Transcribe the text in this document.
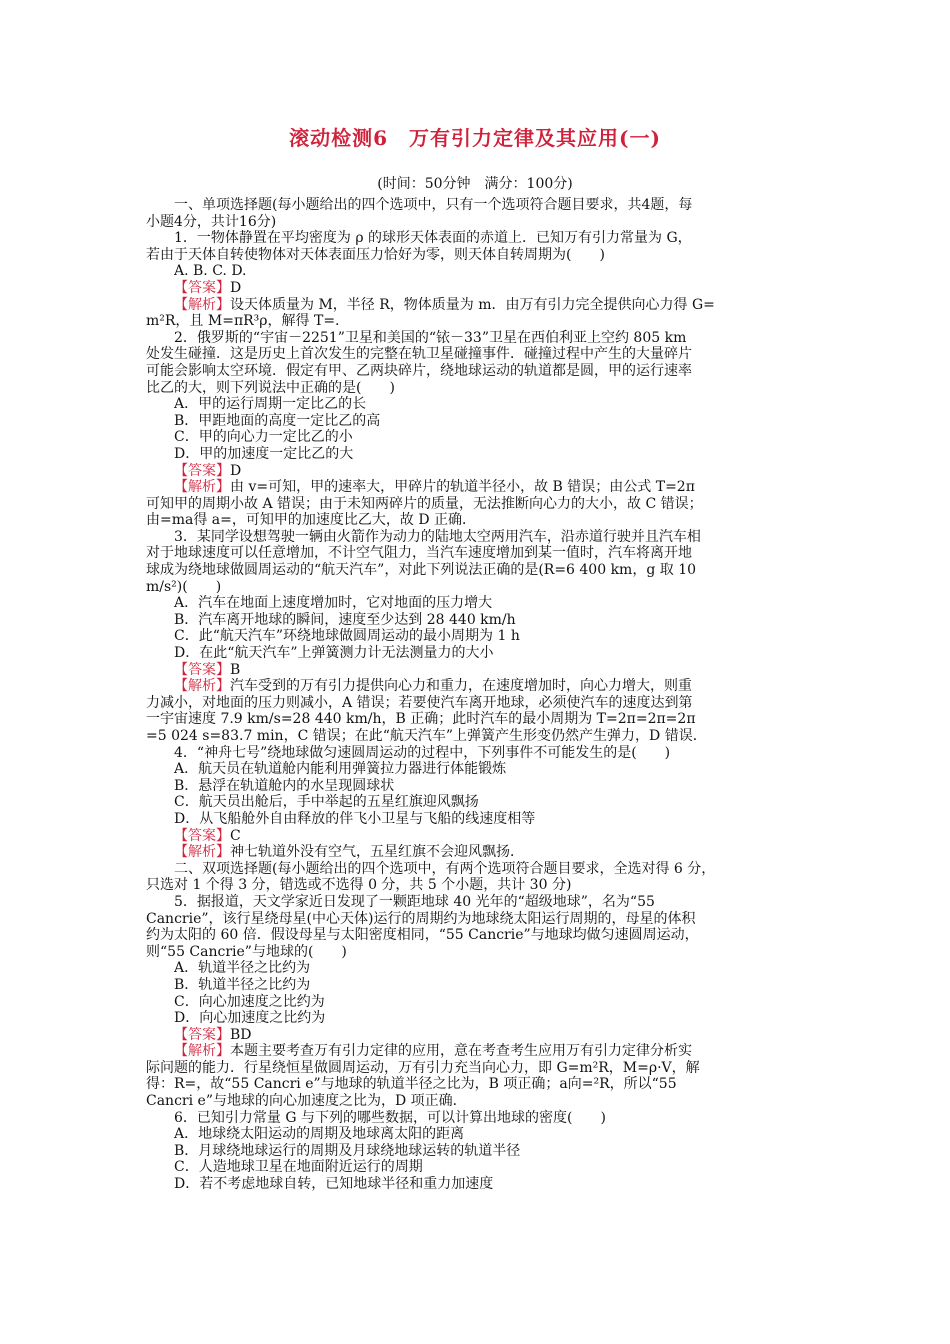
滚动检测6　万有引力定律及其应用(一)
(时间：50分钟　满分：100分)
一、单项选择题(每小题给出的四个选项中，只有一个选项符合题目要求，共4题，每
小题4分，共计16分)
1．一物体静置在平均密度为 ρ 的球形天体表面的赤道上．已知万有引力常量为 G，
若由于天体自转使物体对天体表面压力恰好为零，则天体自转周期为(　　)
A. B. C. D.
【答案】D
【解析】设天体质量为 M，半径 R，物体质量为 m．由万有引力完全提供向心力得 G=
m²R，且 M=πR³ρ，解得 T=.
2．俄罗斯的“宇宙－2251”卫星和美国的“铱－33”卫星在西伯利亚上空约 805 km
处发生碰撞．这是历史上首次发生的完整在轨卫星碰撞事件．碰撞过程中产生的大量碎片
可能会影响太空环境．假定有甲、乙两块碎片，绕地球运动的轨道都是圆，甲的运行速率
比乙的大，则下列说法中正确的是(　　)
A．甲的运行周期一定比乙的长
B．甲距地面的高度一定比乙的高
C．甲的向心力一定比乙的小
D．甲的加速度一定比乙的大
【答案】D
【解析】由 v=可知，甲的速率大，甲碎片的轨道半径小，故 B 错误；由公式 T=2π
可知甲的周期小故 A 错误；由于未知两碎片的质量，无法推断向心力的大小，故 C 错误；
由=ma得 a=，可知甲的加速度比乙大，故 D 正确．
3．某同学设想驾驶一辆由火箭作为动力的陆地太空两用汽车，沿赤道行驶并且汽车相
对于地球速度可以任意增加，不计空气阻力，当汽车速度增加到某一值时，汽车将离开地
球成为绕地球做圆周运动的“航天汽车”，对此下列说法正确的是(R=6 400 km，g 取 10
m/s²)(　　)
A．汽车在地面上速度增加时，它对地面的压力增大
B．汽车离开地球的瞬间，速度至少达到 28 440 km/h
C．此“航天汽车”环绕地球做圆周运动的最小周期为 1 h
D．在此“航天汽车”上弹簧测力计无法测量力的大小
【答案】B
【解析】汽车受到的万有引力提供向心力和重力，在速度增加时，向心力增大，则重
力减小，对地面的压力则减小，A 错误；若要使汽车离开地球，必须使汽车的速度达到第
一宇宙速度 7.9 km/s=28 440 km/h，B 正确；此时汽车的最小周期为 T=2π=2π=2π
=5 024 s=83.7 min，C 错误；在此“航天汽车”上弹簧产生形变仍然产生弹力，D 错误．
4．“神舟七号”绕地球做匀速圆周运动的过程中，下列事件不可能发生的是(　　)
A．航天员在轨道舱内能利用弹簧拉力器进行体能锻炼
B．悬浮在轨道舱内的水呈现圆球状
C．航天员出舱后，手中举起的五星红旗迎风飘扬
D．从飞船舱外自由释放的伴飞小卫星与飞船的线速度相等
【答案】C
【解析】神七轨道外没有空气，五星红旗不会迎风飘扬．
二、双项选择题(每小题给出的四个选项中，有两个选项符合题目要求，全选对得 6 分，
只选对 1 个得 3 分，错选或不选得 0 分，共 5 个小题，共计 30 分)
5．据报道，天文学家近日发现了一颗距地球 40 光年的“超级地球”，名为“55
Cancrie”，该行星绕母星(中心天体)运行的周期约为地球绕太阳运行周期的，母星的体积
约为太阳的 60 倍．假设母星与太阳密度相同，“55 Cancrie”与地球均做匀速圆周运动，
则“55 Cancrie”与地球的(　　)
A．轨道半径之比约为
B．轨道半径之比约为
C．向心加速度之比约为
D．向心加速度之比约为
【答案】BD
【解析】本题主要考查万有引力定律的应用，意在考查考生应用万有引力定律分析实
际问题的能力．行星绕恒星做圆周运动，万有引力充当向心力，即 G=m²R，M=ρ·V，解
得：R=，故“55 Cancri e”与地球的轨道半径之比为，B 项正确；a向=²R，所以“55
Cancri e”与地球的向心加速度之比为，D 项正确．
6．已知引力常量 G 与下列的哪些数据，可以计算出地球的密度(　　)
A．地球绕太阳运动的周期及地球离太阳的距离
B．月球绕地球运行的周期及月球绕地球运转的轨道半径
C．人造地球卫星在地面附近运行的周期
D．若不考虑地球自转，已知地球半径和重力加速度
